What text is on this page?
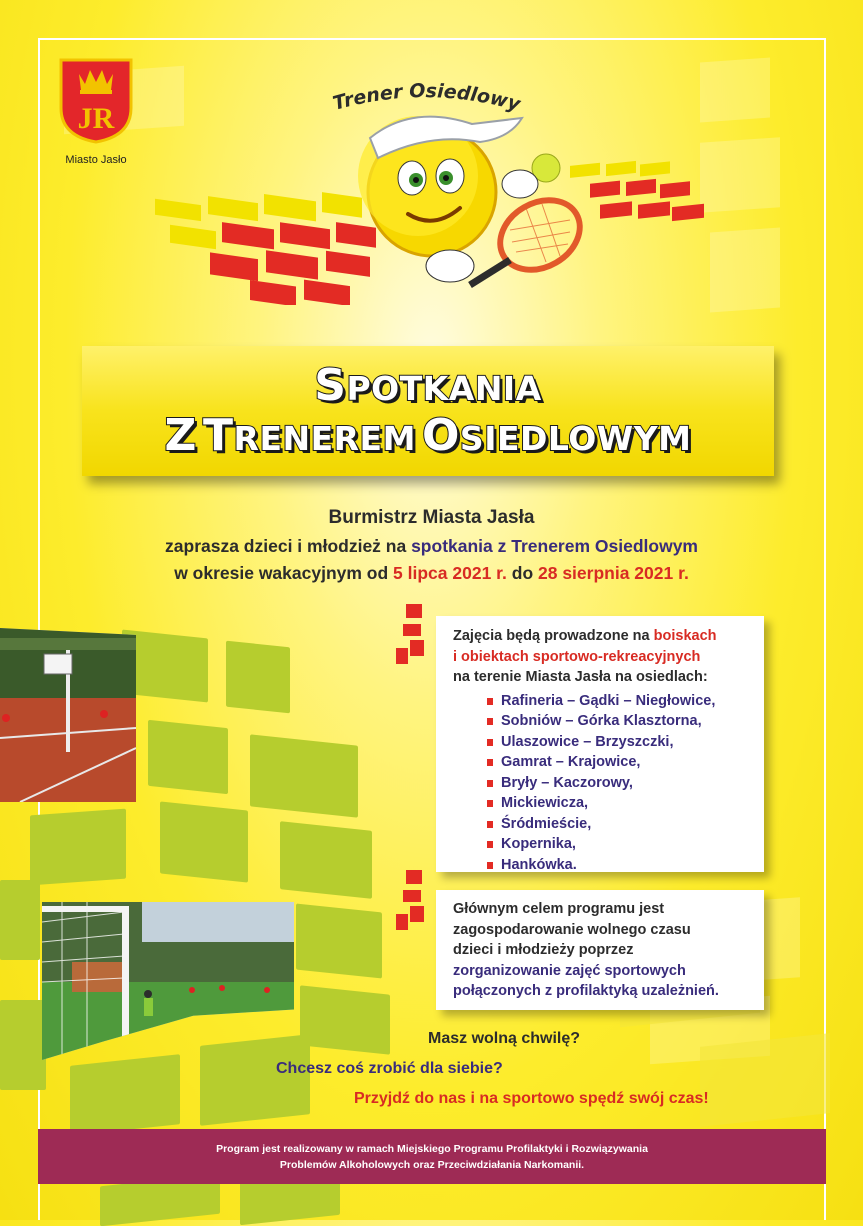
JR
Miasto Jasło
Trener Osiedlowy
SPOTKANIA
Z TRENEREM OSIEDLOWYM
Burmistrz Miasta Jasła
zaprasza dzieci i młodzież na spotkania z Trenerem Osiedlowym
w okresie wakacyjnym od 5 lipca 2021 r. do 28 sierpnia 2021 r.
Zajęcia będą prowadzone na boiskach
i obiektach sportowo-rekreacyjnych
na terenie Miasta Jasła na osiedlach:
Rafineria – Gądki – Niegłowice,
Sobniów – Górka Klasztorna,
Ulaszowice – Brzyszczki,
Gamrat – Krajowice,
Bryły – Kaczorowy,
Mickiewicza,
Śródmieście,
Kopernika,
Hankówka.
Głównym celem programu jest
zagospodarowanie wolnego czasu
dzieci i młodzieży poprzez
zorganizowanie zajęć sportowych
połączonych z profilaktyką uzależnień.
Masz wolną chwilę?
Chcesz coś zrobić dla siebie?
Przyjdź do nas i na sportowo spędź swój czas!
Program jest realizowany w ramach Miejskiego Programu Profilaktyki i Rozwiązywania
Problemów Alkoholowych oraz Przeciwdziałania Narkomanii.
